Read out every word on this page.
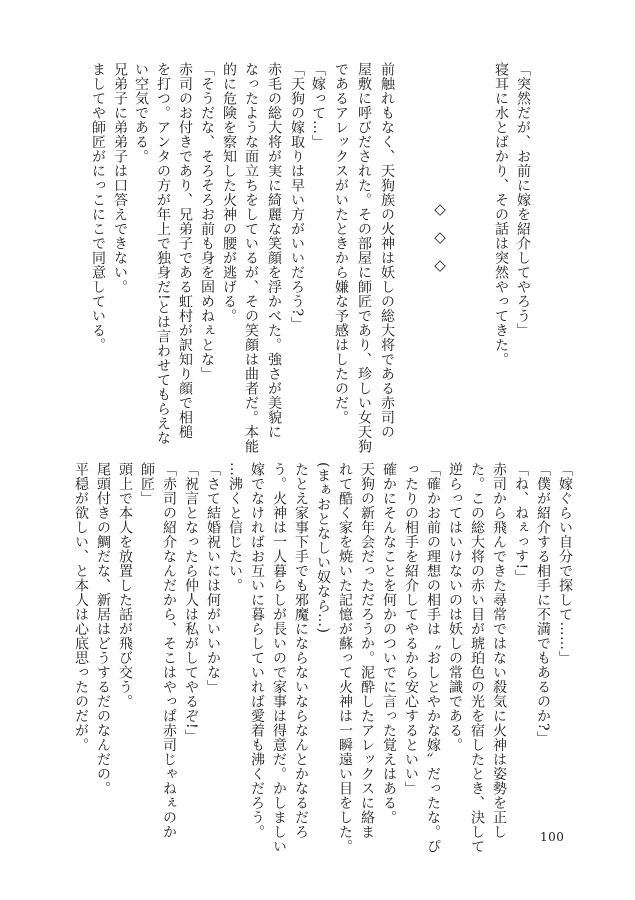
「突然だが、お前に嫁を紹介してやろう」
寝耳に水とばかり、その話は突然やってきた。
前触れもなく、天狗族の火神は妖しの総大将である赤司の
屋敷に呼びだされた。その部屋に師匠であり、珍しい女天狗
であるアレックスがいたときから嫌な予感はしたのだ。
「嫁って…」
「天狗の嫁取りは早い方がいいだろう?」
赤毛の総大将が実に綺麗な笑顔を浮かべた。強さが美貌に
なったような面立ちをしているが、その笑顔は曲者だ。本能
的に危険を察知した火神の腰が逃げる。
「そうだな、そろそろお前も身を固めねぇとな」
赤司のお付きであり、兄弟子である虹村が訳知り顔で相槌
を打つ。アンタの方が年上で独身だ!とは言わせてもらえな
い空気である。
兄弟子に弟弟子は口答えできない。
ましてや師匠がにっこにこで同意している。	◇◇◇
「嫁ぐらい自分で探して……」
「僕が紹介する相手に不満でもあるのか?」
「ね、ねぇっす!」
赤司から飛んできた尋常ではない殺気に火神は姿勢を正し
た。この総大将の赤い目が琥珀色の光を宿したとき、決して
逆らってはいけないのは妖しの常識である。
「確かお前の理想の相手は〝おしとやかな嫁〟だったな。ぴ
ったりの相手を紹介してやるから安心するといい」
確かにそんなことを何かのついでに言った覚えはある。
天狗の新年会だっただろうか。泥酔したアレックスに絡ま
れて酷く家を焼いた記憶が蘇って火神は一瞬遠い目をした。
(まぁおとなしい奴なら…)
たとえ家事下手でも邪魔にならないならなんとかなるだろ
う。火神は一人暮らしが長いので家事は得意だ。かしましい
嫁でなければお互いに暮らしていれば愛着も沸くだろう。
…沸くと信じたい。
「さて結婚祝いには何がいいかな」
「祝言となったら仲人は私がしてやるぞ!」
「赤司の紹介なんだから、そこはやっぱ赤司じゃねぇのか
師匠」
頭上で本人を放置した話が飛び交う。
尾頭付きの鯛だな、新居はどうするだのなんだの。
平穏が欲しい、と本人は心底思ったのだが。
100
